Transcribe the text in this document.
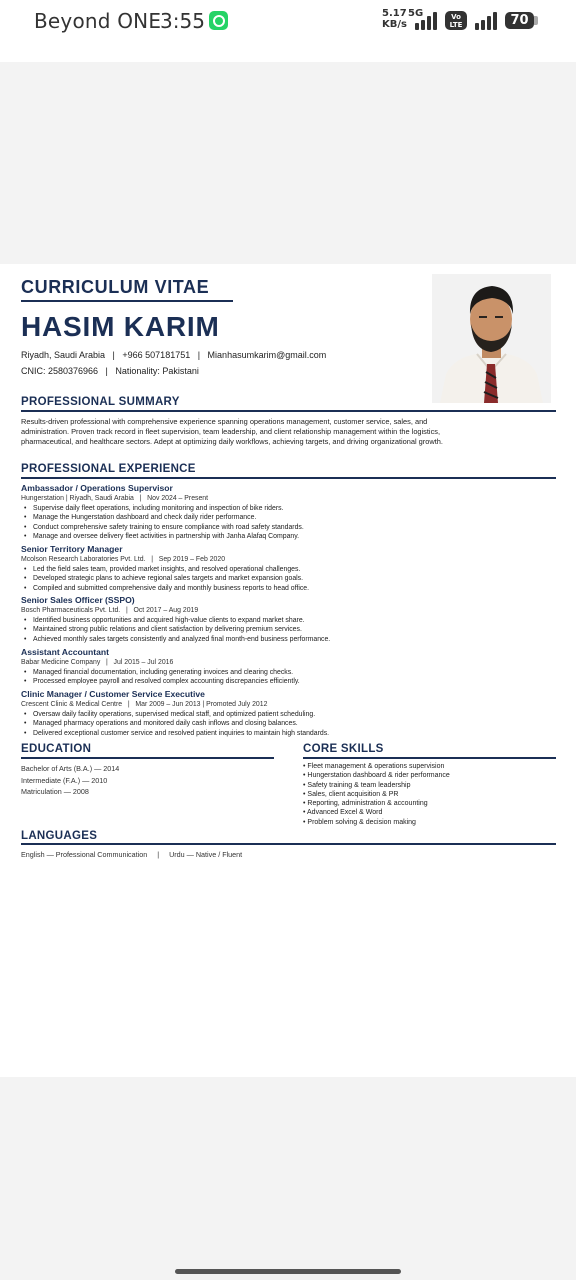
Beyond ONE
3:55	5.17
KB/s
5G	Vo
LTE	70
CURRICULUM VITAE
HASIM KARIM
Riyadh, Saudi Arabia   |   +966 507181751   |   Mianhasumkarim@gmail.com
CNIC: 2580376966   |   Nationality: Pakistani
PROFESSIONAL SUMMARY
Results-driven professional with comprehensive experience spanning operations management, customer service, sales, and administration. Proven track record in fleet supervision, team leadership, and client relationship management within the logistics, pharmaceutical, and healthcare sectors. Adept at optimizing daily workflows, achieving targets, and driving organizational growth.
PROFESSIONAL EXPERIENCE
Ambassador / Operations Supervisor
Hungerstation | Riyadh, Saudi Arabia   |   Nov 2024 – Present
• Supervise daily fleet operations, including monitoring and inspection of bike riders.
• Manage the Hungerstation dashboard and check daily rider performance.
• Conduct comprehensive safety training to ensure compliance with road safety standards.
• Manage and oversee delivery fleet activities in partnership with Janha Alafaq Company.
Senior Territory Manager
Mcolson Research Laboratories Pvt. Ltd.   |   Sep 2019 – Feb 2020
• Led the field sales team, provided market insights, and resolved operational challenges.
• Developed strategic plans to achieve regional sales targets and market expansion goals.
• Compiled and submitted comprehensive daily and monthly business reports to head office.
Senior Sales Officer (SSPO)
Bosch Pharmaceuticals Pvt. Ltd.   |   Oct 2017 – Aug 2019
• Identified business opportunities and acquired high-value clients to expand market share.
• Maintained strong public relations and client satisfaction by delivering premium services.
• Achieved monthly sales targets consistently and analyzed final month-end business performance.
Assistant Accountant
Babar Medicine Company   |   Jul 2015 – Jul 2016
• Managed financial documentation, including generating invoices and clearing checks.
• Processed employee payroll and resolved complex accounting discrepancies efficiently.
Clinic Manager / Customer Service Executive
Crescent Clinic & Medical Centre   |   Mar 2009 – Jun 2013 | Promoted July 2012
• Oversaw daily facility operations, supervised medical staff, and optimized patient scheduling.
• Managed pharmacy operations and monitored daily cash inflows and closing balances.
• Delivered exceptional customer service and resolved patient inquiries to maintain high standards.
EDUCATION
Bachelor of Arts (B.A.) — 2014
Intermediate (F.A.) — 2010
Matriculation — 2008
CORE SKILLS
• Fleet management & operations supervision
• Hungerstation dashboard & rider performance
• Safety training & team leadership
• Sales, client acquisition & PR
• Reporting, administration & accounting
• Advanced Excel & Word
• Problem solving & decision making
LANGUAGES
English — Professional Communication     |     Urdu — Native / Fluent
